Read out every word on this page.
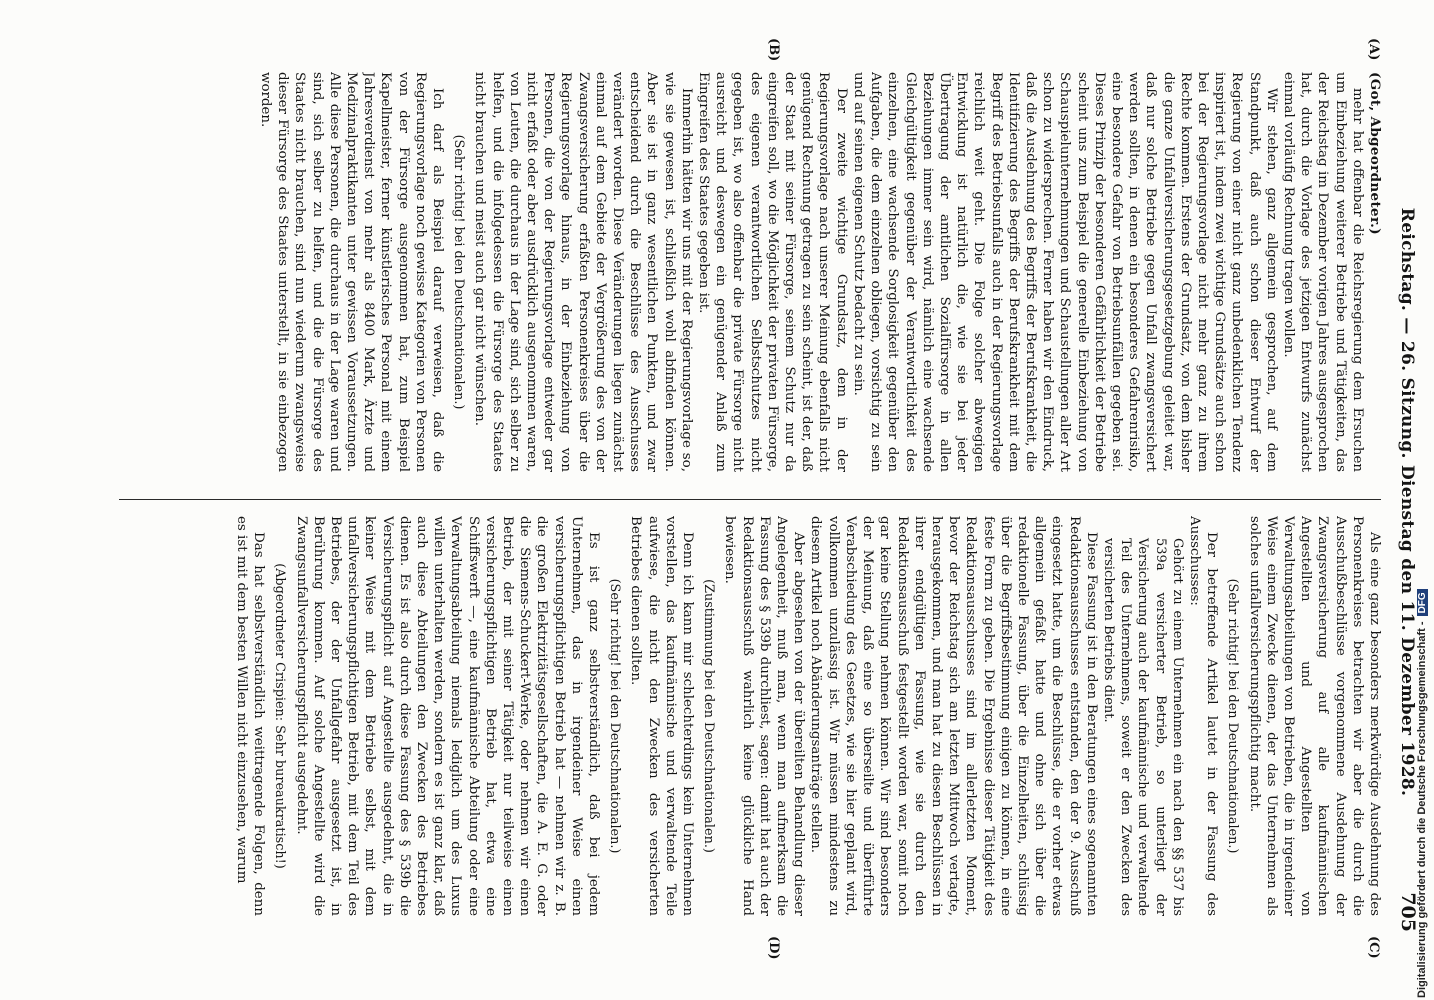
Reichstag. — 26. Sitzung. Dienstag den 11. Dezember 1928.
705
(A)
(B)
(C)
(D)
(Got, Abgeordneter.)

mehr hat offenbar die Reichsregierung dem Ersuchen um Einbeziehung weiterer Betriebe und Tätigkeiten, das der Reichstag im Dezember vorigen Jahres ausgesprochen hat, durch die Vorlage des jetzigen Entwurfs zunächst einmal vorläufig Rechnung tragen wollen.

Wir stehen, ganz allgemein gesprochen, auf dem Standpunkt, daß auch schon dieser Entwurf der Regierung von einer nicht ganz unbedenklichen Tendenz inspiriert ist, indem zwei wichtige Grundsätze auch schon bei der Regierungsvorlage nicht mehr ganz zu ihrem Rechte kommen. Erstens der Grundsatz, von dem bisher die ganze Unfallversicherungsgesetzgebung geleitet war, daß nur solche Betriebe gegen Unfall zwangsversichert werden sollten, in denen ein besonderes Gefahrenrisiko, eine besondere Gefahr von Betriebsunfällen gegeben sei. Dieses Prinzip der besonderen Gefährlichkeit der Betriebe scheint uns zum Beispiel die generelle Einbeziehung von Schauspielunternehmungen und Schaustellungen aller Art schon zu widersprechen. Ferner haben wir den Eindruck, daß die Ausdehnung des Begriffs der Berufskrankheit, die Identifizierung des Begriffs der Berufskrankheit mit dem Begriff des Betriebsunfalls auch in der Regierungsvorlage reichlich weit geht. Die Folge solcher abwegigen Entwicklung ist natürlich die, wie sie bei jeder Übertragung der amtlichen Sozialfürsorge in allen Beziehungen immer sein wird, nämlich eine wachsende Gleichgültigkeit gegenüber der Verantwortlichkeit des einzelnen, eine wachsende Sorglosigkeit gegenüber den Aufgaben, die dem einzelnen obliegen, vorsichtig zu sein und auf seinen eigenen Schutz bedacht zu sein.

Der zweite wichtige Grundsatz, dem in der Regierungsvorlage nach unserer Meinung ebenfalls nicht genügend Rechnung getragen zu sein scheint, ist der, daß der Staat mit seiner Fürsorge, seinem Schutz nur da eingreifen soll, wo die Möglichkeit der privaten Fürsorge, des eigenen verantwortlichen Selbstschutzes nicht gegeben ist, wo also offenbar die private Fürsorge nicht ausreicht und deswegen ein genügender Anlaß zum Eingreifen des Staates gegeben ist.

Immerhin hätten wir uns mit der Regierungsvorlage so, wie sie gewesen ist, schließlich wohl abfinden können. Aber sie ist in ganz wesentlichen Punkten, und zwar entscheidend durch die Beschlüsse des Ausschusses verändert worden. Diese Veränderungen liegen zunächst einmal auf dem Gebiete der Vergrößerung des von der Zwangsversicherung erfaßten Personenkreises über die Regierungsvorlage hinaus, in der Einbeziehung von Personen, die von der Regierungsvorlage entweder gar nicht erfaßt oder aber ausdrücklich ausgenommen waren, von Leuten, die durchaus in der Lage sind, sich selber zu helfen, und die infolgedessen die Fürsorge des Staates nicht brauchen und meist auch gar nicht wünschen.

(Sehr richtig! bei den Deutschnationalen.)

Ich darf als Beispiel darauf verweisen, daß die Regierungsvorlage noch gewisse Kategorien von Personen von der Fürsorge ausgenommen hat, zum Beispiel Kapellmeister, ferner künstlerisches Personal mit einem Jahresverdienst von mehr als 8400 Mark, Ärzte und Medizinalpraktikanten unter gewissen Voraussetzungen. Alle diese Personen, die durchaus in der Lage waren und sind, sich selber zu helfen, und die die Fürsorge des Staates nicht brauchen, sind nun wiederum zwangsweise dieser Fürsorge des Staates unterstellt, in sie einbezogen worden.

Als eine ganz besonders merkwürdige Ausdehnung des Personenkreises betrachten wir aber die durch die Ausschußbeschlüsse vorgenommene Ausdehnung der Zwangsversicherung auf alle kaufmännischen Angestellten und Angestellten von Verwaltungsabteilungen von Betrieben, die in irgendeiner Weise einem Zwecke dienen, der das Unternehmen als solches unfallversicherungspflichtig macht.

(Sehr richtig! bei den Deutschnationalen.)

Der betreffende Artikel lautet in der Fassung des Ausschusses:

Gehört zu einem Unternehmen ein nach den §§ 537 bis 539a versicherter Betrieb, so unterliegt der Versicherung auch der kaufmännische und verwaltende Teil des Unternehmens, soweit er den Zwecken des versicherten Betriebs dient.

Diese Fassung ist in den Beratungen eines sogenannten Redaktionsausschusses entstanden, den der 9. Ausschuß eingesetzt hatte, um die Beschlüsse, die er vorher etwas allgemein gefaßt hatte und ohne sich über die redaktionelle Fassung, über die Einzelheiten, schlüssig über die Begriffsbestimmung einigen zu können, in eine feste Form zu geben. Die Ergebnisse dieser Tätigkeit des Redaktionsausschusses sind im allerletzten Moment, bevor der Reichstag sich am letzten Mittwoch vertagte, herausgekommen, und man hat zu diesen Beschlüssen in ihrer endgültigen Fassung, wie sie durch den Redaktionsausschuß festgestellt worden war, somit noch gar keine Stellung nehmen können. Wir sind besonders der Meinung, daß eine so überseilte und überführte Verabschiedung des Gesetzes, wie sie hier geplant wird, vollkommen unzulässig ist. Wir müssen mindestens zu diesem Artikel noch Abänderungsanträge stellen.

Aber abgesehen von der übereilten Behandlung dieser Angelegenheit, muß man, wenn man aufmerksam die Fassung des § 539b durchliest, sagen: damit hat auch der Redaktionsausschuß wahrlich keine glückliche Hand bewiesen.

(Zustimmung bei den Deutschnationalen.)

Denn ich kann mir schlechterdings kein Unternehmen vorstellen, das kaufmännische und verwaltende Teile aufwiese, die nicht den Zwecken des versicherten Betriebes dienen sollten.

(Sehr richtig! bei den Deutschnationalen.)

Es ist ganz selbstverständlich, daß bei jedem Unternehmen, das in irgendeiner Weise einen versicherungspflichtigen Betrieb hat — nehmen wir z. B. die großen Elektrizitätsgesellschaften, die A. E. G. oder die Siemens-Schuckert-Werke, oder nehmen wir einen Betrieb, der mit seiner Tätigkeit nur teilweise einen versicherungspflichtigen Betrieb hat, etwa eine Schiffswerft —, eine kaufmännische Abteilung oder eine Verwaltungsabteilung niemals lediglich um des Luxus willen unterhalten werden, sondern es ist ganz klar, daß auch diese Abteilungen den Zwecken des Betriebes dienen. Es ist also durch diese Fassung des § 539b die Versicherungspflicht auf Angestellte ausgedehnt, die in keiner Weise mit dem Betriebe selbst, mit dem unfallversicherungspflichtigen Betrieb, mit dem Teil des Betriebes, der der Unfallgefahr ausgesetzt ist, in Berührung kommen. Auf solche Angestellte wird die Zwangsunfallversicherungspflicht ausgedehnt.

(Abgeordneter Crispien: Sehr bureaukratisch!)

Das hat selbstverständlich weittragende Folgen, denn es ist mit dem besten Willen nicht einzusehen, warum	Digitalisierung gefördert durch die Deutsche Forschungsgemeinschaft - DFG
